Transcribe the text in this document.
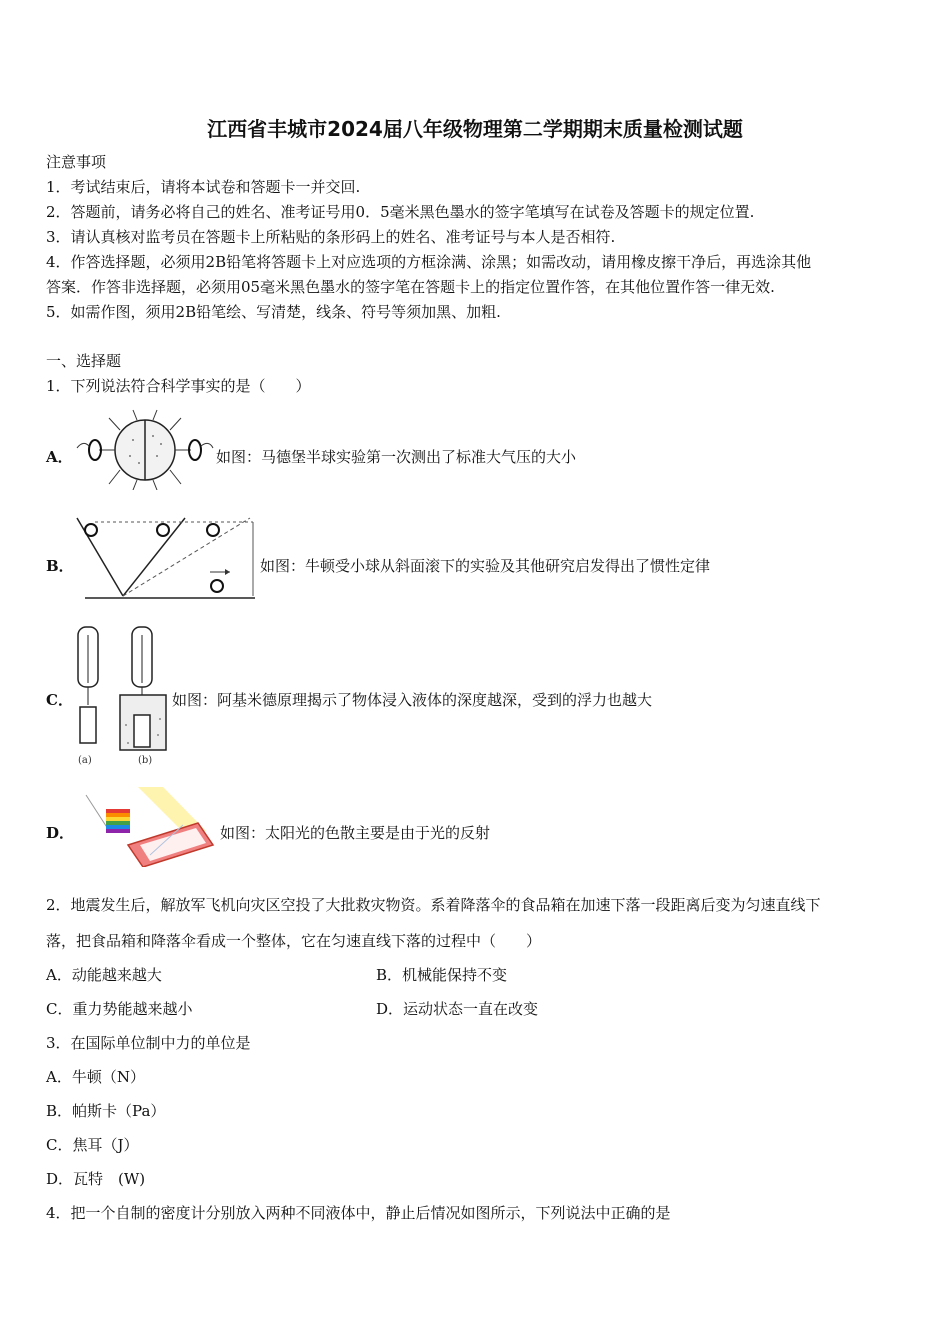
江西省丰城市2024届八年级物理第二学期期末质量检测试题
注意事项
1．考试结束后，请将本试卷和答题卡一并交回.
2．答题前，请务必将自己的姓名、准考证号用0．5毫米黑色墨水的签字笔填写在试卷及答题卡的规定位置.
3．请认真核对监考员在答题卡上所粘贴的条形码上的姓名、准考证号与本人是否相符.
4．作答选择题，必须用2B铅笔将答题卡上对应选项的方框涂满、涂黑；如需改动，请用橡皮擦干净后，再选涂其他
答案．作答非选择题，必须用05毫米黑色墨水的签字笔在答题卡上的指定位置作答，在其他位置作答一律无效.
5．如需作图，须用2B铅笔绘、写清楚，线条、符号等须加黑、加粗.
一、选择题
1．下列说法符合科学事实的是（　　）
A．	如图：马德堡半球实验第一次测出了标准大气压的大小
B．	如图：牛顿受小球从斜面滚下的实验及其他研究启发得出了惯性定律
C．
(a)	(b)
如图：阿基米德原理揭示了物体浸入液体的深度越深，受到的浮力也越大
D．	如图：太阳光的色散主要是由于光的反射
2．地震发生后，解放军飞机向灾区空投了大批救灾物资。系着降落伞的食品箱在加速下落一段距离后变为匀速直线下
落，把食品箱和降落伞看成一个整体，它在匀速直线下落的过程中（　　）
A．动能越来越大	B．机械能保持不变
C．重力势能越来越小	D．运动状态一直在改变
3．在国际单位制中力的单位是
A．牛顿（N）
B．帕斯卡（Pa）
C．焦耳（J）
D．瓦特　(W)
4．把一个自制的密度计分别放入两种不同液体中，静止后情况如图所示，下列说法中正确的是
